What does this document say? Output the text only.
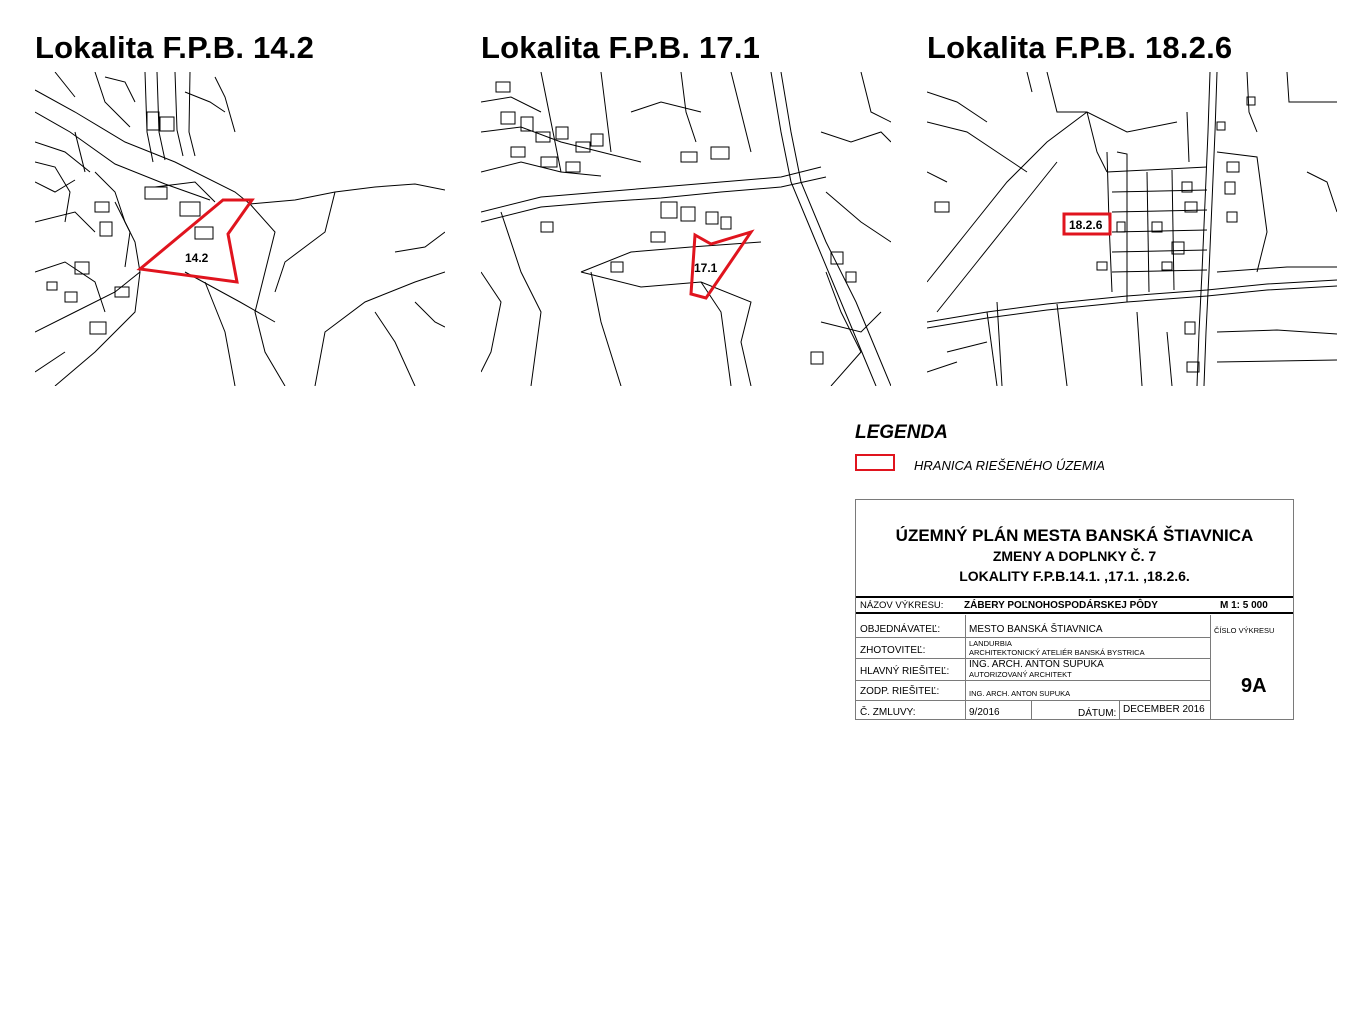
Lokalita F.P.B. 14.2	Lokalita F.P.B. 17.1	Lokalita F.P.B. 18.2.6
14.2
17.1
18.2.6
LEGENDA
HRANICA RIEŠENÉHO ÚZEMIA
ÚZEMNÝ PLÁN MESTA BANSKÁ ŠTIAVNICA
ZMENY A DOPLNKY Č. 7
LOKALITY F.P.B.14.1. ,17.1. ,18.2.6.
NÁZOV VÝKRESU: ZÁBERY POĽNOHOSPODÁRSKEJ PÔDY	M 1: 5 000
OBJEDNÁVATEĽ:	MESTO BANSKÁ ŠTIAVNICA
ZHOTOVITEĽ:
LANDURBIA
ARCHITEKTONICKÝ ATELIÉR BANSKÁ BYSTRICA
HLAVNÝ RIEŠITEĽ:
ING. ARCH. ANTON SUPUKA
AUTORIZOVANÝ ARCHITEKT
ZODP. RIEŠITEĽ:	ING. ARCH. ANTON SUPUKA
Č. ZMLUVY:	9/2016	DÁTUM: DECEMBER 2016
ČÍSLO VÝKRESU
9A
